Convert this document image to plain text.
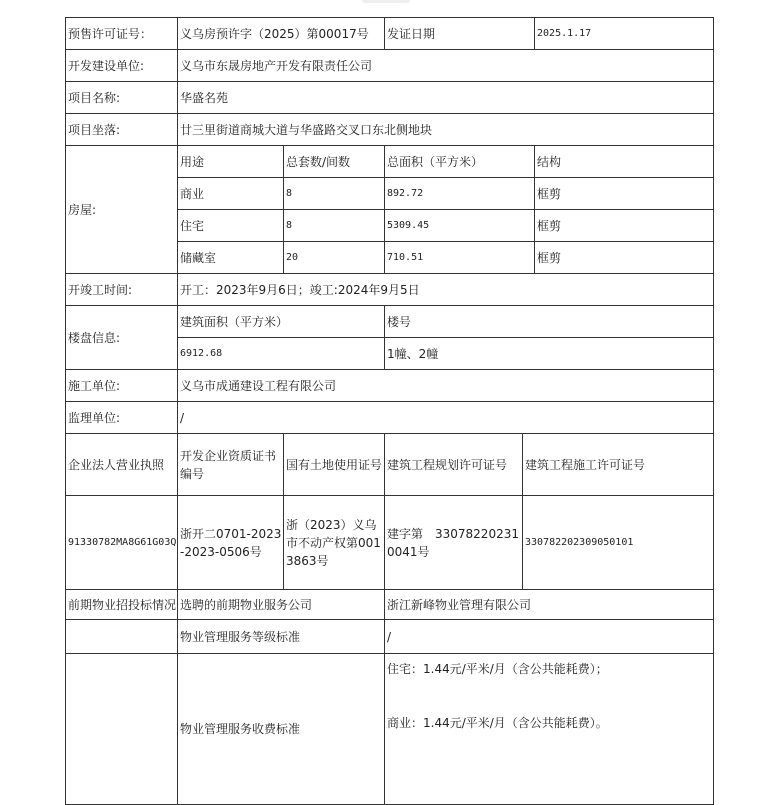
预售许可证号：	义乌房预许字（2025）第00017号		发证日期		2025.1.17
开发建设单位:	义乌市东晟房地产开发有限责任公司				
项目名称:	华盛名苑				
项目坐落:	廿三里街道商城大道与华盛路交叉口东北侧地块				
房屋:	用途	总套数/间数	总面积（平方米）		结构
	商业	8	892.72		框剪
	住宅	8	5309.45		框剪
	储藏室	20	710.51		框剪
开竣工时间:	开工：2023年9月6日；竣工:2024年9月5日				
楼盘信息:	建筑面积（平方米）		楼号		
	6912.68		1幢、2幢		
施工单位:	义乌市成通建设工程有限公司				
监理单位:	/				
企业法人营业执照	开发企业资质证书编号	国有土地使用证号	建筑工程规划许可证号	建筑工程施工许可证号	
91330782MA8G61G03Q	浙开二0701-2023-2023-0506号	浙（2023）义乌市不动产权第0013863号	建字第　330782202310041号	330782202309050101	
前期物业招投标情况	选聘的前期物业服务公司		浙江新峰物业管理有限公司		
	物业管理服务等级标准		/		
	物业管理服务收费标准		住宅：1.44元/平米/月（含公共能耗费）；
商业：1.44元/平米/月（含公共能耗费）。		
